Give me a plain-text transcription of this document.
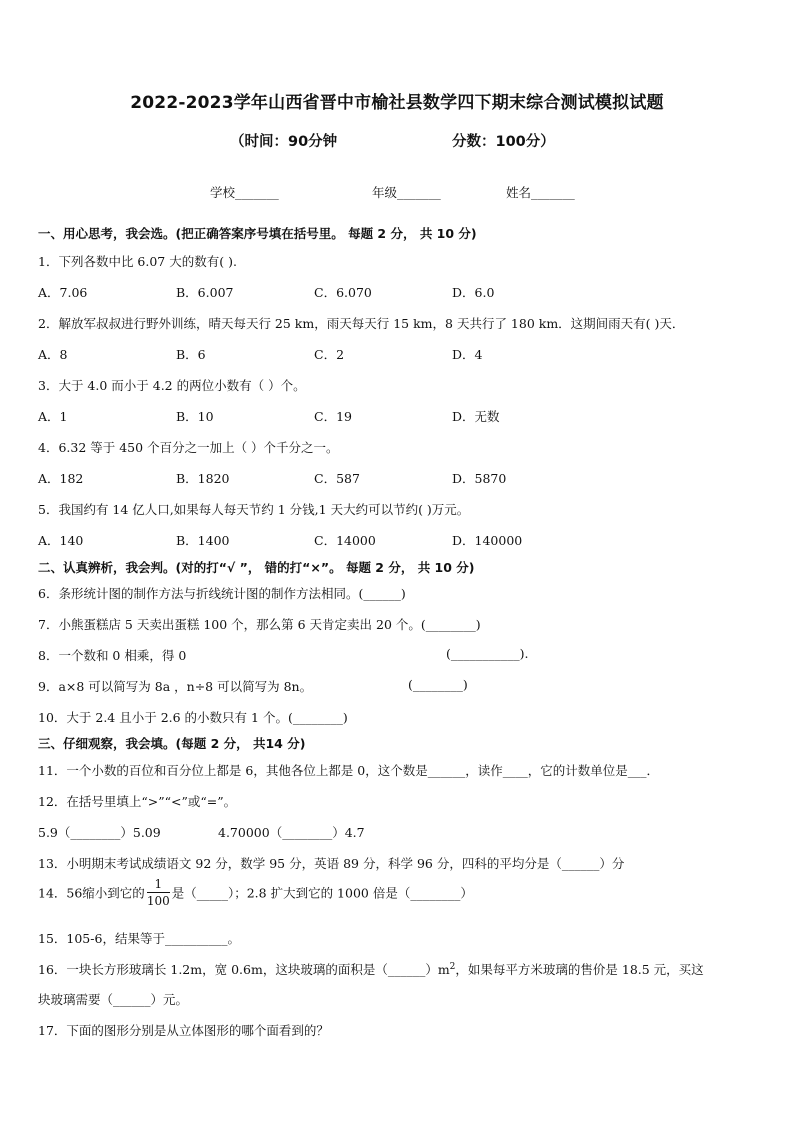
2022-2023学年山西省晋中市榆社县数学四下期末综合测试模拟试题
（时间：90分钟	分数：100分）
学校_______	年级_______	姓名_______
一、用心思考，我会选。(把正确答案序号填在括号里。 每题 2 分， 共 10 分)
1．下列各数中比 6.07 大的数有( ).
A．7.06	B．6.007	C．6.070	D．6.0
2．解放军叔叔进行野外训练，晴天每天行 25 km，雨天每天行 15 km，8 天共行了 180 km．这期间雨天有( )天．
A．8	B．6	C．2	D．4
3．大于 4.0 而小于 4.2 的两位小数有（ ）个。
A．1	B．10	C．19	D．无数
4．6.32 等于 450 个百分之一加上（ ）个千分之一。
A．182	B．1820	C．587	D．5870
5．我国约有 14 亿人口,如果每人每天节约 1 分钱,1 天大约可以节约( )万元。
A．140	B．1400	C．14000	D．140000
二、认真辨析，我会判。(对的打“√ ”， 错的打“×”。 每题 2 分， 共 10 分)
6．条形统计图的制作方法与折线统计图的制作方法相同。(______)
7．小熊蛋糕店 5 天卖出蛋糕 100 个，那么第 6 天肯定卖出 20 个。(________)
8．一个数和 0 相乘，得 0	(___________).
9．a×8 可以简写为 8a ，n÷8 可以简写为 8n。	(________)
10．大于 2.4 且小于 2.6 的小数只有 1 个。(________)
三、仔细观察，我会填。(每题 2 分， 共14 分)
11．一个小数的百位和百分位上都是 6，其他各位上都是 0，这个数是______，读作____，它的计数单位是___．
12．在括号里填上“>”“<”或“=”。
5.9（________）5.09	4.70000（________）4.7
13．小明期末考试成绩语文 92 分，数学 95 分，英语 89 分，科学 96 分，四科的平均分是（______）分
14．56缩小到它的 $\frac{1}{100}$ 是（_____）；2.8 扩大到它的 1000 倍是（________）
15．105-6，结果等于__________。
16．一块长方形玻璃长 1.2m，宽 0.6m，这块玻璃的面积是$(\_\_\_\_\_\_)m^2$，如果每平方米玻璃的售价是 18.5 元，买这
块玻璃需要（______）元。
17．下面的图形分别是从立体图形的哪个面看到的？
